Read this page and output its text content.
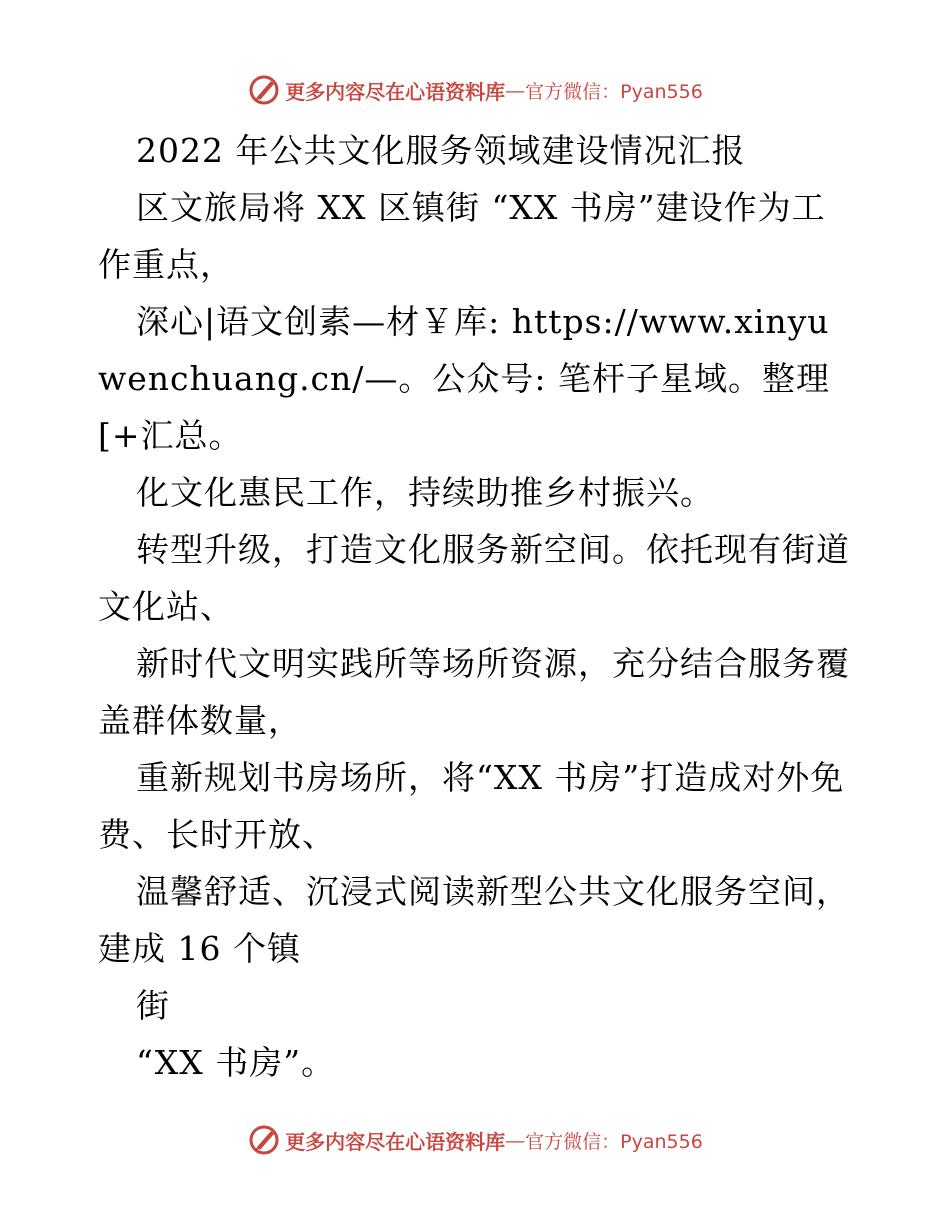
更多内容尽在心语资料库 — 官方微信：Pyan556

2022 年公共文化服务领域建设情况汇报

区文旅局将 XX 区镇街 “XX 书房”建设作为工作重点，

深心|语文创素—材￥库: https://www.xinyuwenchuang.cn/—。公众号: 笔杆子星域。整理[+汇总。

化文化惠民工作，持续助推乡村振兴。

转型升级，打造文化服务新空间。依托现有街道文化站、

新时代文明实践所等场所资源，充分结合服务覆盖群体数量，

重新规划书房场所，将“XX 书房”打造成对外免费、长时开放、

温馨舒适、沉浸式阅读新型公共文化服务空间，建成 16 个镇

街

“XX 书房”。

更多内容尽在心语资料库 — 官方微信：Pyan556
